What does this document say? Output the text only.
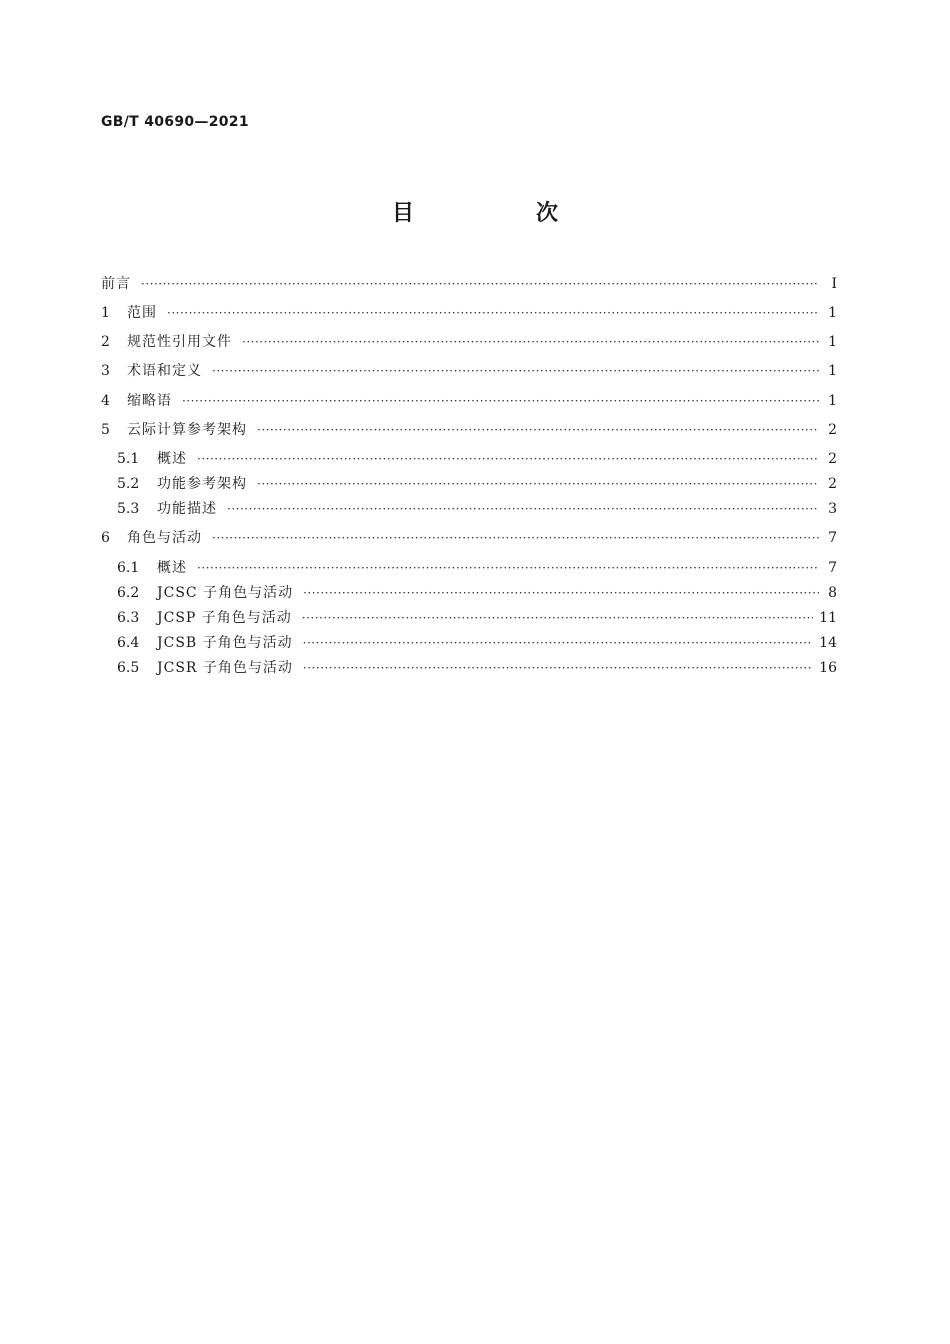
GB/T 40690—2021
目　次
前言 ·····	Ⅰ
1	范围 ·····	1
2	规范性引用文件 ·····	1
3	术语和定义 ·····	1
4	缩略语 ·····	1
5	云际计算参考架构 ·····	2
5.1	概述 ·····	2
5.2	功能参考架构 ·····	2
5.3	功能描述 ·····	3
6	角色与活动 ·····	7
6.1	概述 ·····	7
6.2	JCSC 子角色与活动 ·····	8
6.3	JCSP 子角色与活动 ·····	11
6.4	JCSB 子角色与活动 ·····	14
6.5	JCSR 子角色与活动 ·····	16
